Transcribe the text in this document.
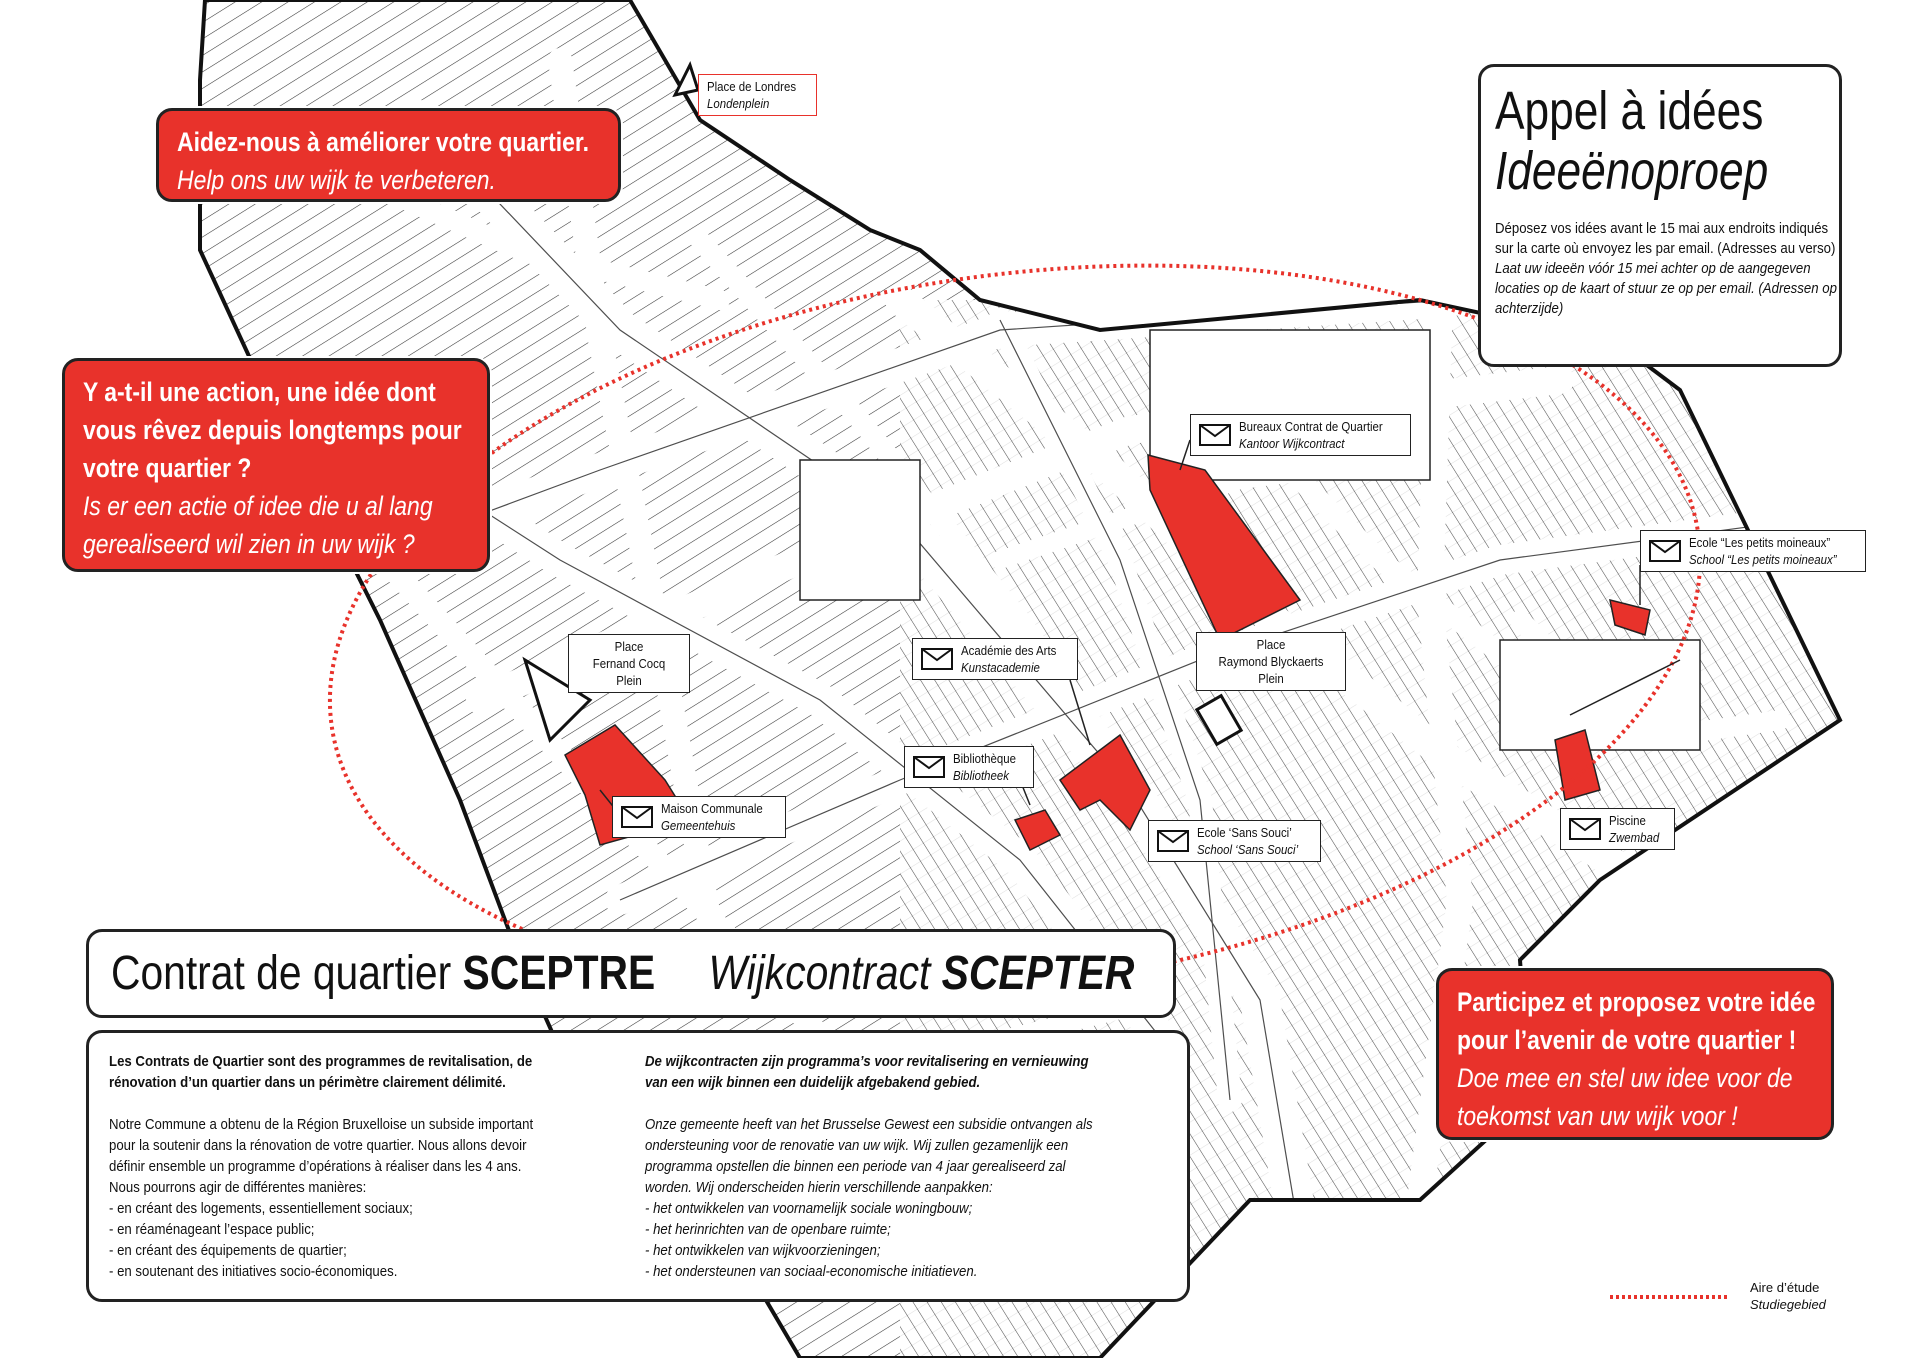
Aidez-nous à améliorer votre quartier.
Help ons uw wijk te verbeteren.
Y a-t-il une action, une idée dont
vous rêvez depuis longtemps pour
votre quartier ?
Is er een actie of idee die u al lang
gerealiseerd wil zien in uw wijk ?
Participez et proposez votre idée
pour l’avenir de votre quartier !
Doe mee en stel uw idee voor de
toekomst van uw wijk voor !
Appel à idées
Ideeënoproep
Déposez vos idées avant le 15 mai aux endroits indiqués sur la carte où envoyez les par email. (Adresses au verso)
Laat uw ideeën vóór 15 mei achter op de aangegeven locaties op de kaart of stuur ze op per email. (Adressen op achterzijde)
Place de Londres
Londenplein
Place
Fernand Cocq
Plein
Place
Raymond Blyckaerts
Plein
Bureaux Contrat de Quartier
Kantoor Wijkcontract
Ecole “Les petits moineaux”
School “Les petits moineaux”
Académie des Arts
Kunstacademie
Bibliothèque
Bibliotheek
Maison Communale
Gemeentehuis	Ecole ‘Sans Souci’
School ‘Sans Souci’
Piscine
Zwembad
Contrat de quartier SCEPTRE Wijkcontract SCEPTER
Les Contrats de Quartier sont des programmes de revitalisation, de
rénovation d’un quartier dans un périmètre clairement délimité.
Notre Commune a obtenu de la Région Bruxelloise un subside important
pour la soutenir dans la rénovation de votre quartier. Nous allons devoir
définir ensemble un programme d’opérations à réaliser dans les 4 ans.
Nous pourrons agir de différentes manières:
- en créant des logements, essentiellement sociaux;
- en réaménageant l’espace public;
- en créant des équipements de quartier;
- en soutenant des initiatives socio-économiques.
De wijkcontracten zijn programma’s voor revitalisering en vernieuwing
van een wijk binnen een duidelijk afgebakend gebied.
Onze gemeente heeft van het Brusselse Gewest een subsidie ontvangen als
ondersteuning voor de renovatie van uw wijk. Wij zullen gezamenlijk een
programma opstellen die binnen een periode van 4 jaar gerealiseerd zal
worden. Wij onderscheiden hierin verschillende aanpakken:
- het ontwikkelen van voornamelijk sociale woningbouw;
- het herinrichten van de openbare ruimte;
- het ontwikkelen van wijkvoorzieningen;
- het ondersteunen van sociaal-economische initiatieven.
Aire d’étude
Studiegebied
